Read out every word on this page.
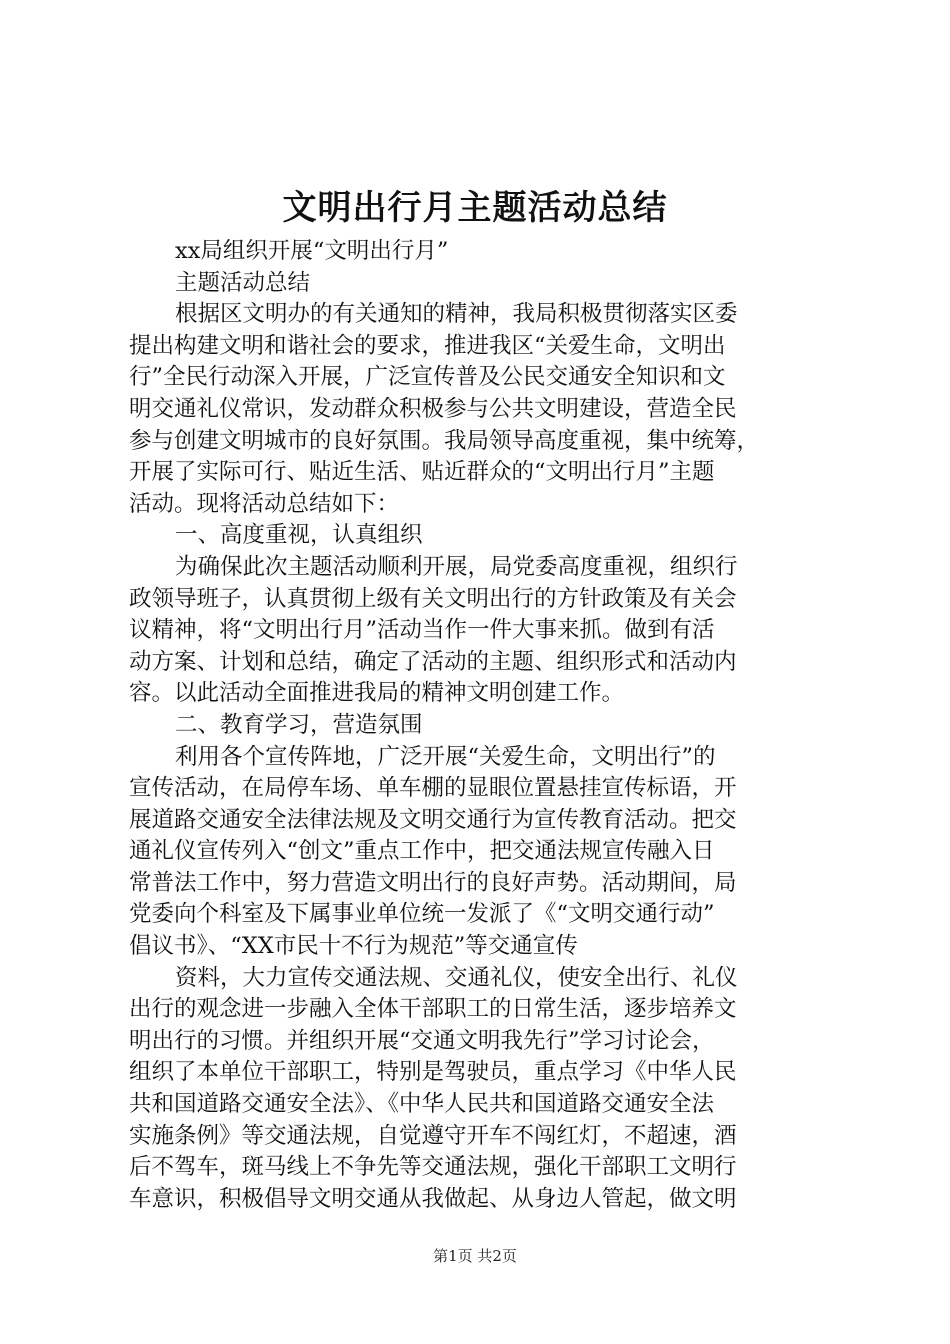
文明出行月主题活动总结
xx局组织开展“文明出行月”
主题活动总结
根据区文明办的有关通知的精神，我局积极贯彻落实区委
提出构建文明和谐社会的要求，推进我区“关爱生命，文明出
行”全民行动深入开展，广泛宣传普及公民交通安全知识和文
明交通礼仪常识，发动群众积极参与公共文明建设，营造全民
参与创建文明城市的良好氛围。我局领导高度重视，集中统筹，
开展了实际可行、贴近生活、贴近群众的“文明出行月”主题
活动。现将活动总结如下：
一、高度重视，认真组织
为确保此次主题活动顺利开展，局党委高度重视，组织行
政领导班子，认真贯彻上级有关文明出行的方针政策及有关会
议精神，将“文明出行月”活动当作一件大事来抓。做到有活
动方案、计划和总结，确定了活动的主题、组织形式和活动内
容。以此活动全面推进我局的精神文明创建工作。
二、教育学习，营造氛围
利用各个宣传阵地，广泛开展“关爱生命，文明出行”的
宣传活动，在局停车场、单车棚的显眼位置悬挂宣传标语，开
展道路交通安全法律法规及文明交通行为宣传教育活动。把交
通礼仪宣传列入“创文”重点工作中，把交通法规宣传融入日
常普法工作中，努力营造文明出行的良好声势。活动期间，局
党委向个科室及下属事业单位统一发派了《“文明交通行动”
倡议书》、“XX市民十不行为规范”等交通宣传
资料，大力宣传交通法规、交通礼仪，使安全出行、礼仪
出行的观念进一步融入全体干部职工的日常生活，逐步培养文
明出行的习惯。并组织开展“交通文明我先行”学习讨论会，
组织了本单位干部职工，特别是驾驶员，重点学习《中华人民
共和国道路交通安全法》、《中华人民共和国道路交通安全法
实施条例》等交通法规，自觉遵守开车不闯红灯，不超速，酒
后不驾车，斑马线上不争先等交通法规，强化干部职工文明行
车意识，积极倡导文明交通从我做起、从身边人管起，做文明
第1页 共2页
